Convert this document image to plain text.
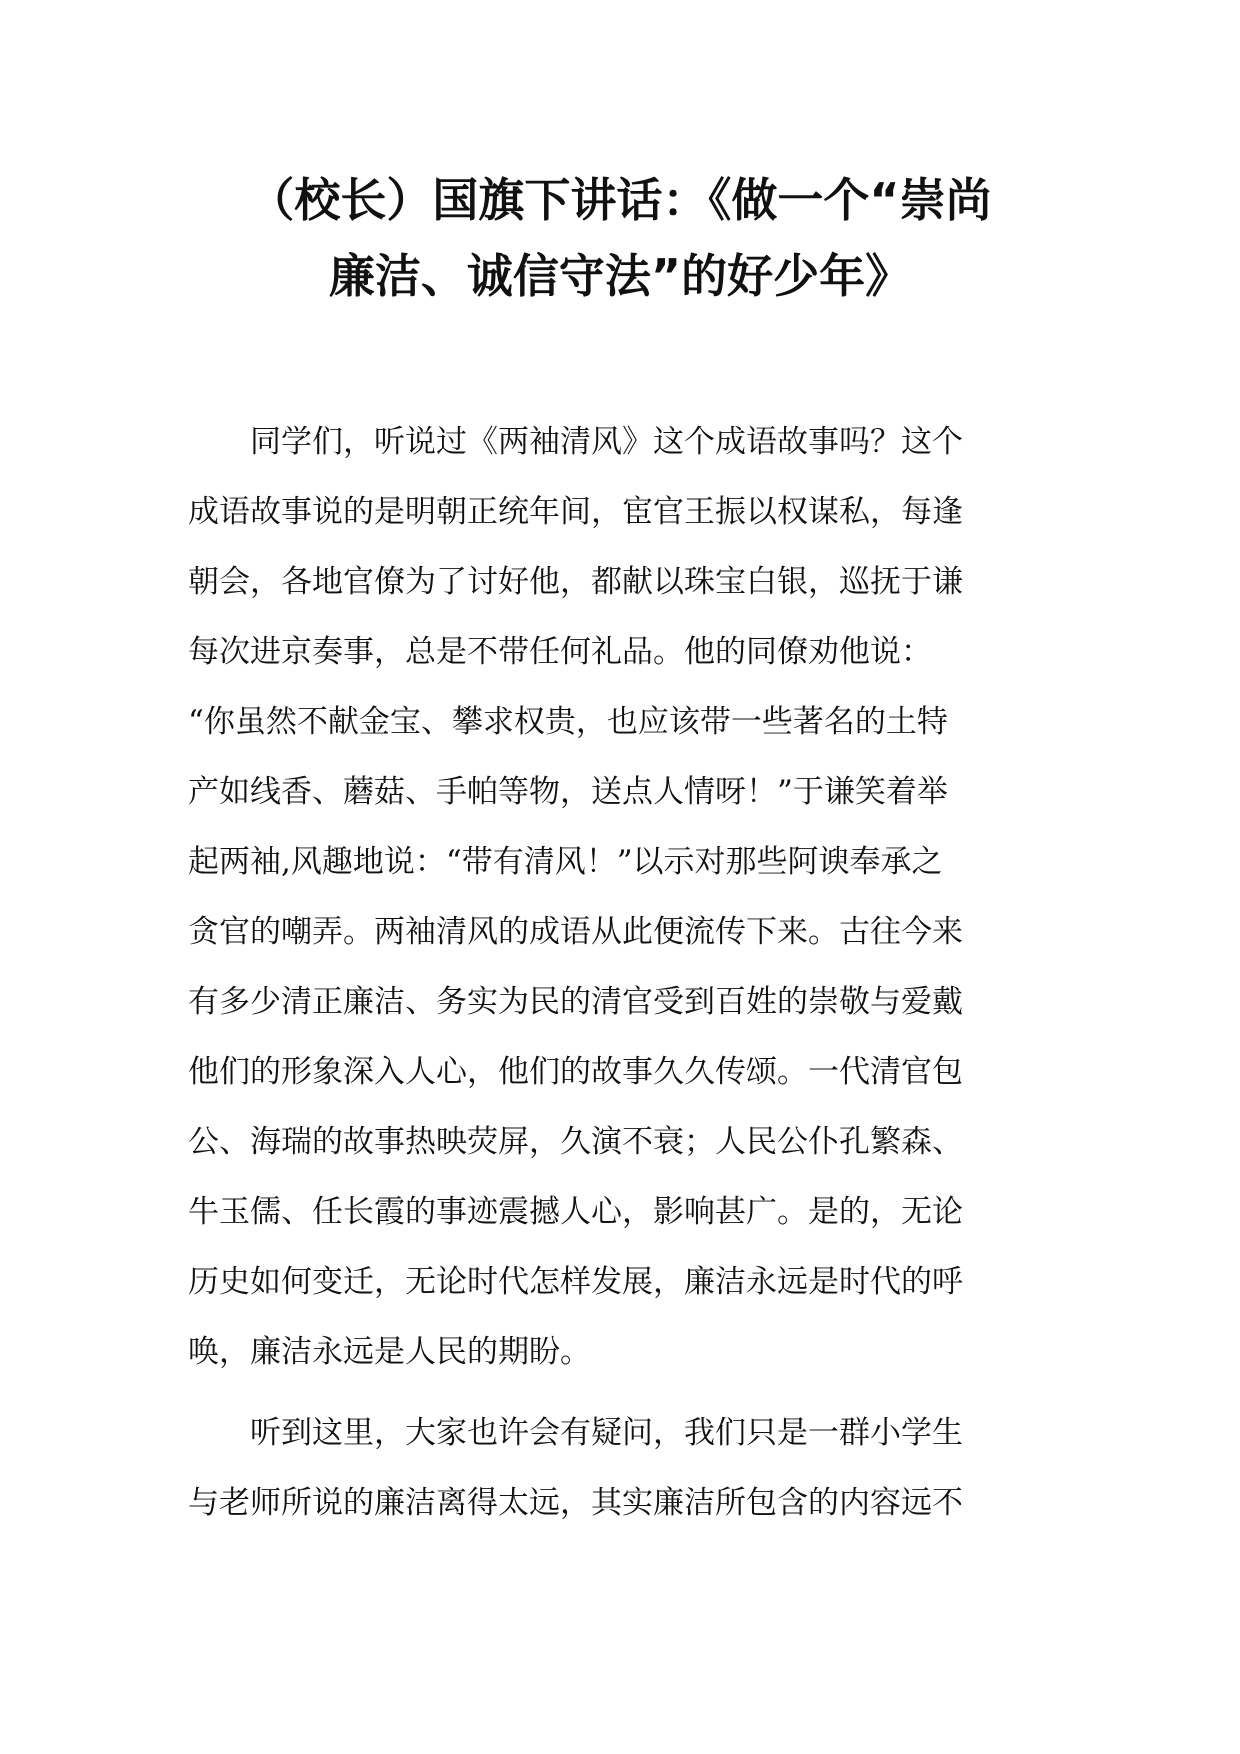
（校长）国旗下讲话：《做一个“崇尚
廉洁、诚信守法”的好少年》
　　同学们，听说过《两袖清风》这个成语故事吗？这个
成语故事说的是明朝正统年间，宦官王振以权谋私，每逢
朝会，各地官僚为了讨好他，都献以珠宝白银，巡抚于谦
每次进京奏事，总是不带任何礼品。他的同僚劝他说：
“你虽然不献金宝、攀求权贵，也应该带一些著名的土特
产如线香、蘑菇、手帕等物，送点人情呀！”于谦笑着举
起两袖,风趣地说：“带有清风！”以示对那些阿谀奉承之
贪官的嘲弄。两袖清风的成语从此便流传下来。古往今来
有多少清正廉洁、务实为民的清官受到百姓的崇敬与爱戴
他们的形象深入人心，他们的故事久久传颂。一代清官包
公、海瑞的故事热映荧屏，久演不衰；人民公仆孔繁森、
牛玉儒、任长霞的事迹震撼人心，影响甚广。是的，无论
历史如何变迁，无论时代怎样发展，廉洁永远是时代的呼
唤，廉洁永远是人民的期盼。
　　听到这里，大家也许会有疑问，我们只是一群小学生
与老师所说的廉洁离得太远，其实廉洁所包含的内容远不
